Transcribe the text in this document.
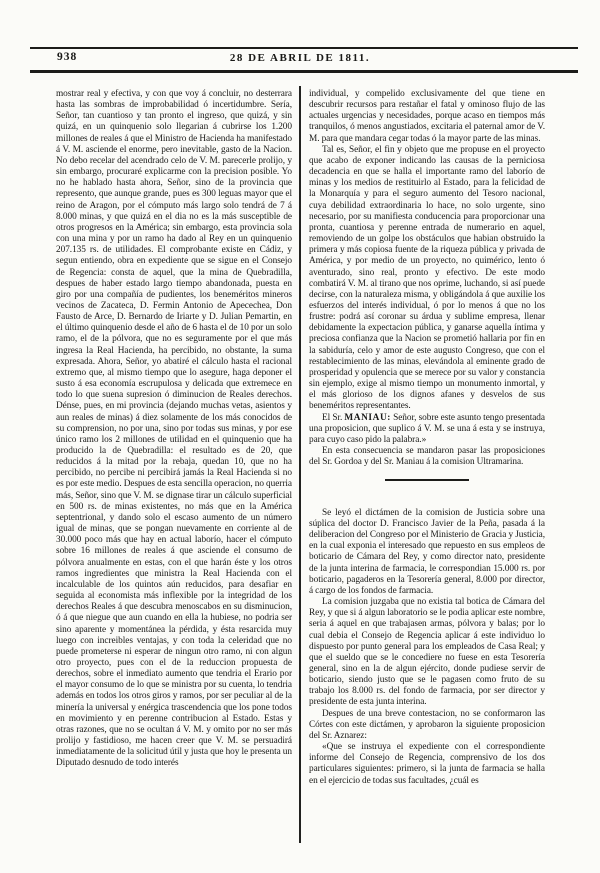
938	28 DE ABRIL DE 1811.

mostrar real y efectiva, y con que voy á concluir, no desterrara hasta las sombras de improbabilidad ó incertidumbre. Sería, Señor, tan cuantioso y tan pronto el ingreso, que quizá, y sin quizá, en un quinquenio solo llegarian á cubrirse los 1.200 millones de reales á que el Ministro de Hacienda ha manifestado á V. M. asciende el enorme, pero inevitable, gasto de la Nacion. No debo recelar del acendrado celo de V. M. parecerle prolijo, y sin embargo, procuraré explicarme con la precision posible. Yo no he hablado hasta ahora, Señor, sino de la provincia que represento, que aunque grande, pues es 300 leguas mayor que el reino de Aragon, por el cómputo más largo solo tendrá de 7 á 8.000 minas, y que quizá en el dia no es la más susceptible de otros progresos en la América; sin embargo, esta provincia sola con una mina y por un ramo ha dado al Rey en un quinquenio 207.135 rs. de utilidades. El comprobante existe en Cádiz, y segun entiendo, obra en expediente que se sigue en el Consejo de Regencia: consta de aquel, que la mina de Quebradilla, despues de haber estado largo tiempo abandonada, puesta en giro por una compañía de pudientes, los beneméritos mineros vecinos de Zacateca, D. Fermin Antonio de Apecechea, Don Fausto de Arce, D. Bernardo de Iriarte y D. Julian Pemartin, en el último quinquenio desde el año de 6 hasta el de 10 por un solo ramo, el de la pólvora, que no es seguramente por el que más ingresa la Real Hacienda, ha percibido, no obstante, la suma expresada. Ahora, Señor, yo abatiré el cálculo hasta el racional extremo que, al mismo tiempo que lo asegure, haga deponer el susto á esa economía escrupulosa y delicada que extremece en todo lo que suena supresion ó diminucion de Reales derechos. Dénse, pues, en mi provincia (dejando muchas vetas, asientos y aun reales de minas) á diez solamente de los más conocidos de su comprension, no por una, sino por todas sus minas, y por ese único ramo los 2 millones de utilidad en el quinquenio que ha producido la de Quebradilla: el resultado es de 20, que reducidos á la mitad por la rebaja, quedan 10, que no ha percibido, no percibe ni percibirá jamás la Real Hacienda si no es por este medio. Despues de esta sencilla operacion, no querria más, Señor, sino que V. M. se dignase tirar un cálculo superficial en 500 rs. de minas existentes, no más que en la América septentrional, y dando solo el escaso aumento de un número igual de minas, que se pongan nuevamente en corriente al de 30.000 poco más que hay en actual laborío, hacer el cómputo sobre 16 millones de reales á que asciende el consumo de pólvora anualmente en estas, con el que harán éste y los otros ramos ingredientes que ministra la Real Hacienda con el incalculable de los quintos aún reducidos, para desafiar en seguida al economista más inflexible por la integridad de los derechos Reales á que descubra menoscabos en su disminucion, ó á que niegue que aun cuando en ella la hubiese, no podria ser sino aparente y momentánea la pérdida, y ésta resarcida muy luego con increibles ventajas, y con toda la celeridad que no puede prometerse ni esperar de ningun otro ramo, ni con algun otro proyecto, pues con el de la reduccion propuesta de derechos, sobre el inmediato aumento que tendria el Erario por el mayor consumo de lo que se ministra por su cuenta, lo tendria además en todos los otros giros y ramos, por ser peculiar al de la minería la universal y enérgica trascendencia que los pone todos en movimiento y en perenne contribucion al Estado. Estas y otras razones, que no se ocultan á V. M. y omito por no ser más prolijo y fastidioso, me hacen creer que V. M. se persuadirá inmediatamente de la solicitud útil y justa que hoy le presenta un Diputado desnudo de todo interés

individual, y compelido exclusivamente del que tiene en descubrir recursos para restañar el fatal y ominoso flujo de las actuales urgencias y necesidades, porque acaso en tiempos más tranquilos, ó menos angustiados, excitaria el paternal amor de V. M. para que mandara cegar todas ó la mayor parte de las minas.

Tal es, Señor, el fin y objeto que me propuse en el proyecto que acabo de exponer indicando las causas de la perniciosa decadencia en que se halla el importante ramo del laborío de minas y los medios de restituirlo al Estado, para la felicidad de la Monarquía y para el seguro aumento del Tesoro nacional, cuya debilidad extraordinaria lo hace, no solo urgente, sino necesario, por su manifiesta conducencia para proporcionar una pronta, cuantiosa y perenne entrada de numerario en aquel, removiendo de un golpe los obstáculos que habian obstruido la primera y más copiosa fuente de la riqueza pública y privada de América, y por medio de un proyecto, no quimérico, lento ó aventurado, sino real, pronto y efectivo. De este modo combatirá V. M. al tirano que nos oprime, luchando, si así puede decirse, con la naturaleza misma, y obligándola á que auxilie los esfuerzos del interés individual, ó por lo menos á que no los frustre: podrá así coronar su árdua y sublime empresa, llenar debidamente la expectacion pública, y ganarse aquella íntima y preciosa confianza que la Nacion se prometió hallaria por fin en la sabiduría, celo y amor de este augusto Congreso, que con el restablecimiento de las minas, elevándola al eminente grado de prosperidad y opulencia que se merece por su valor y constancia sin ejemplo, exige al mismo tiempo un monumento inmortal, y el más glorioso de los dignos afanes y desvelos de sus beneméritos representantes.

El Sr. MANIAU: Señor, sobre este asunto tengo presentada una proposicion, que suplico á V. M. se una á esta y se instruya, para cuyo caso pido la palabra.»

En esta consecuencia se mandaron pasar las proposiciones del Sr. Gordoa y del Sr. Maniau á la comision Ultramarina.

Se leyó el dictámen de la comision de Justicia sobre una súplica del doctor D. Francisco Javier de la Peña, pasada á la deliberacion del Congreso por el Ministerio de Gracia y Justicia, en la cual exponia el interesado que repuesto en sus empleos de boticario de Cámara del Rey, y como director nato, presidente de la junta interina de farmacia, le correspondian 15.000 rs. por boticario, pagaderos en la Tesorería general, 8.000 por director, á cargo de los fondos de farmacia.

La comision juzgaba que no existia tal botica de Cámara del Rey, y que si á algun laboratorio se le podia aplicar este nombre, seria á aquel en que trabajasen armas, pólvora y balas; por lo cual debia el Consejo de Regencia aplicar á este individuo lo dispuesto por punto general para los empleados de Casa Real; y que el sueldo que se le concediere no fuese en esta Tesorería general, sino en la de algun ejército, donde pudiese servir de boticario, siendo justo que se le pagasen como fruto de su trabajo los 8.000 rs. del fondo de farmacia, por ser director y presidente de esta junta interina.

Despues de una breve contestacion, no se conformaron las Córtes con este dictámen, y aprobaron la siguiente proposicion del Sr. Aznarez:

«Que se instruya el expediente con el correspondiente informe del Consejo de Regencia, comprensivo de los dos particulares siguientes: primero, si la junta de farmacia se halla en el ejercicio de todas sus facultades, ¿cuál es
